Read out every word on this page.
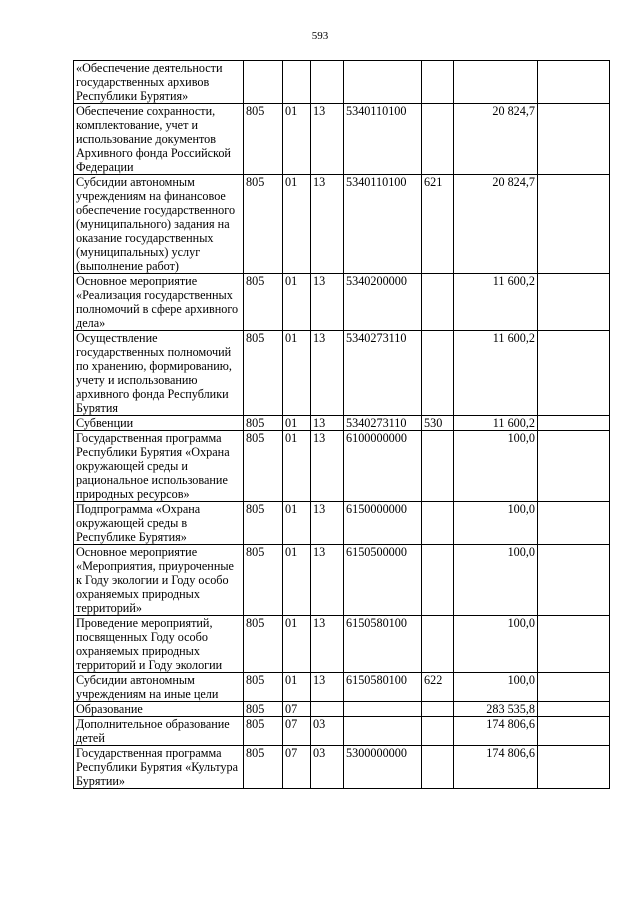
593
«Обеспечение деятельности государственных архивов Республики Бурятия»							
Обеспечение сохранности, комплектование, учет и использование документов Архивного фонда Российской Федерации	805	01	13	5340110100		20 824,7	
Субсидии автономным учреждениям на финансовое обеспечение государственного (муниципального) задания на оказание государственных (муниципальных) услуг (выполнение работ)	805	01	13	5340110100	621	20 824,7	
Основное мероприятие «Реализация государственных полномочий в сфере архивного дела»	805	01	13	5340200000		11 600,2	
Осуществление государственных полномочий по хранению, формированию, учету и использованию архивного фонда Республики Бурятия	805	01	13	5340273110		11 600,2	
Субвенции	805	01	13	5340273110	530	11 600,2	
Государственная программа Республики Бурятия «Охрана окружающей среды и рациональное использование природных ресурсов»	805	01	13	6100000000		100,0	
Подпрограмма «Охрана окружающей среды в Республике Бурятия»	805	01	13	6150000000		100,0	
Основное мероприятие «Мероприятия, приуроченные к Году экологии и Году особо охраняемых природных территорий»	805	01	13	6150500000		100,0	
Проведение мероприятий, посвященных Году особо охраняемых природных территорий и Году экологии	805	01	13	6150580100		100,0	
Субсидии автономным учреждениям на иные цели	805	01	13	6150580100	622	100,0	
Образование	805	07				283 535,8	
Дополнительное образование детей	805	07	03			174 806,6	
Государственная программа Республики Бурятия «Культура Бурятии»	805	07	03	5300000000		174 806,6	
